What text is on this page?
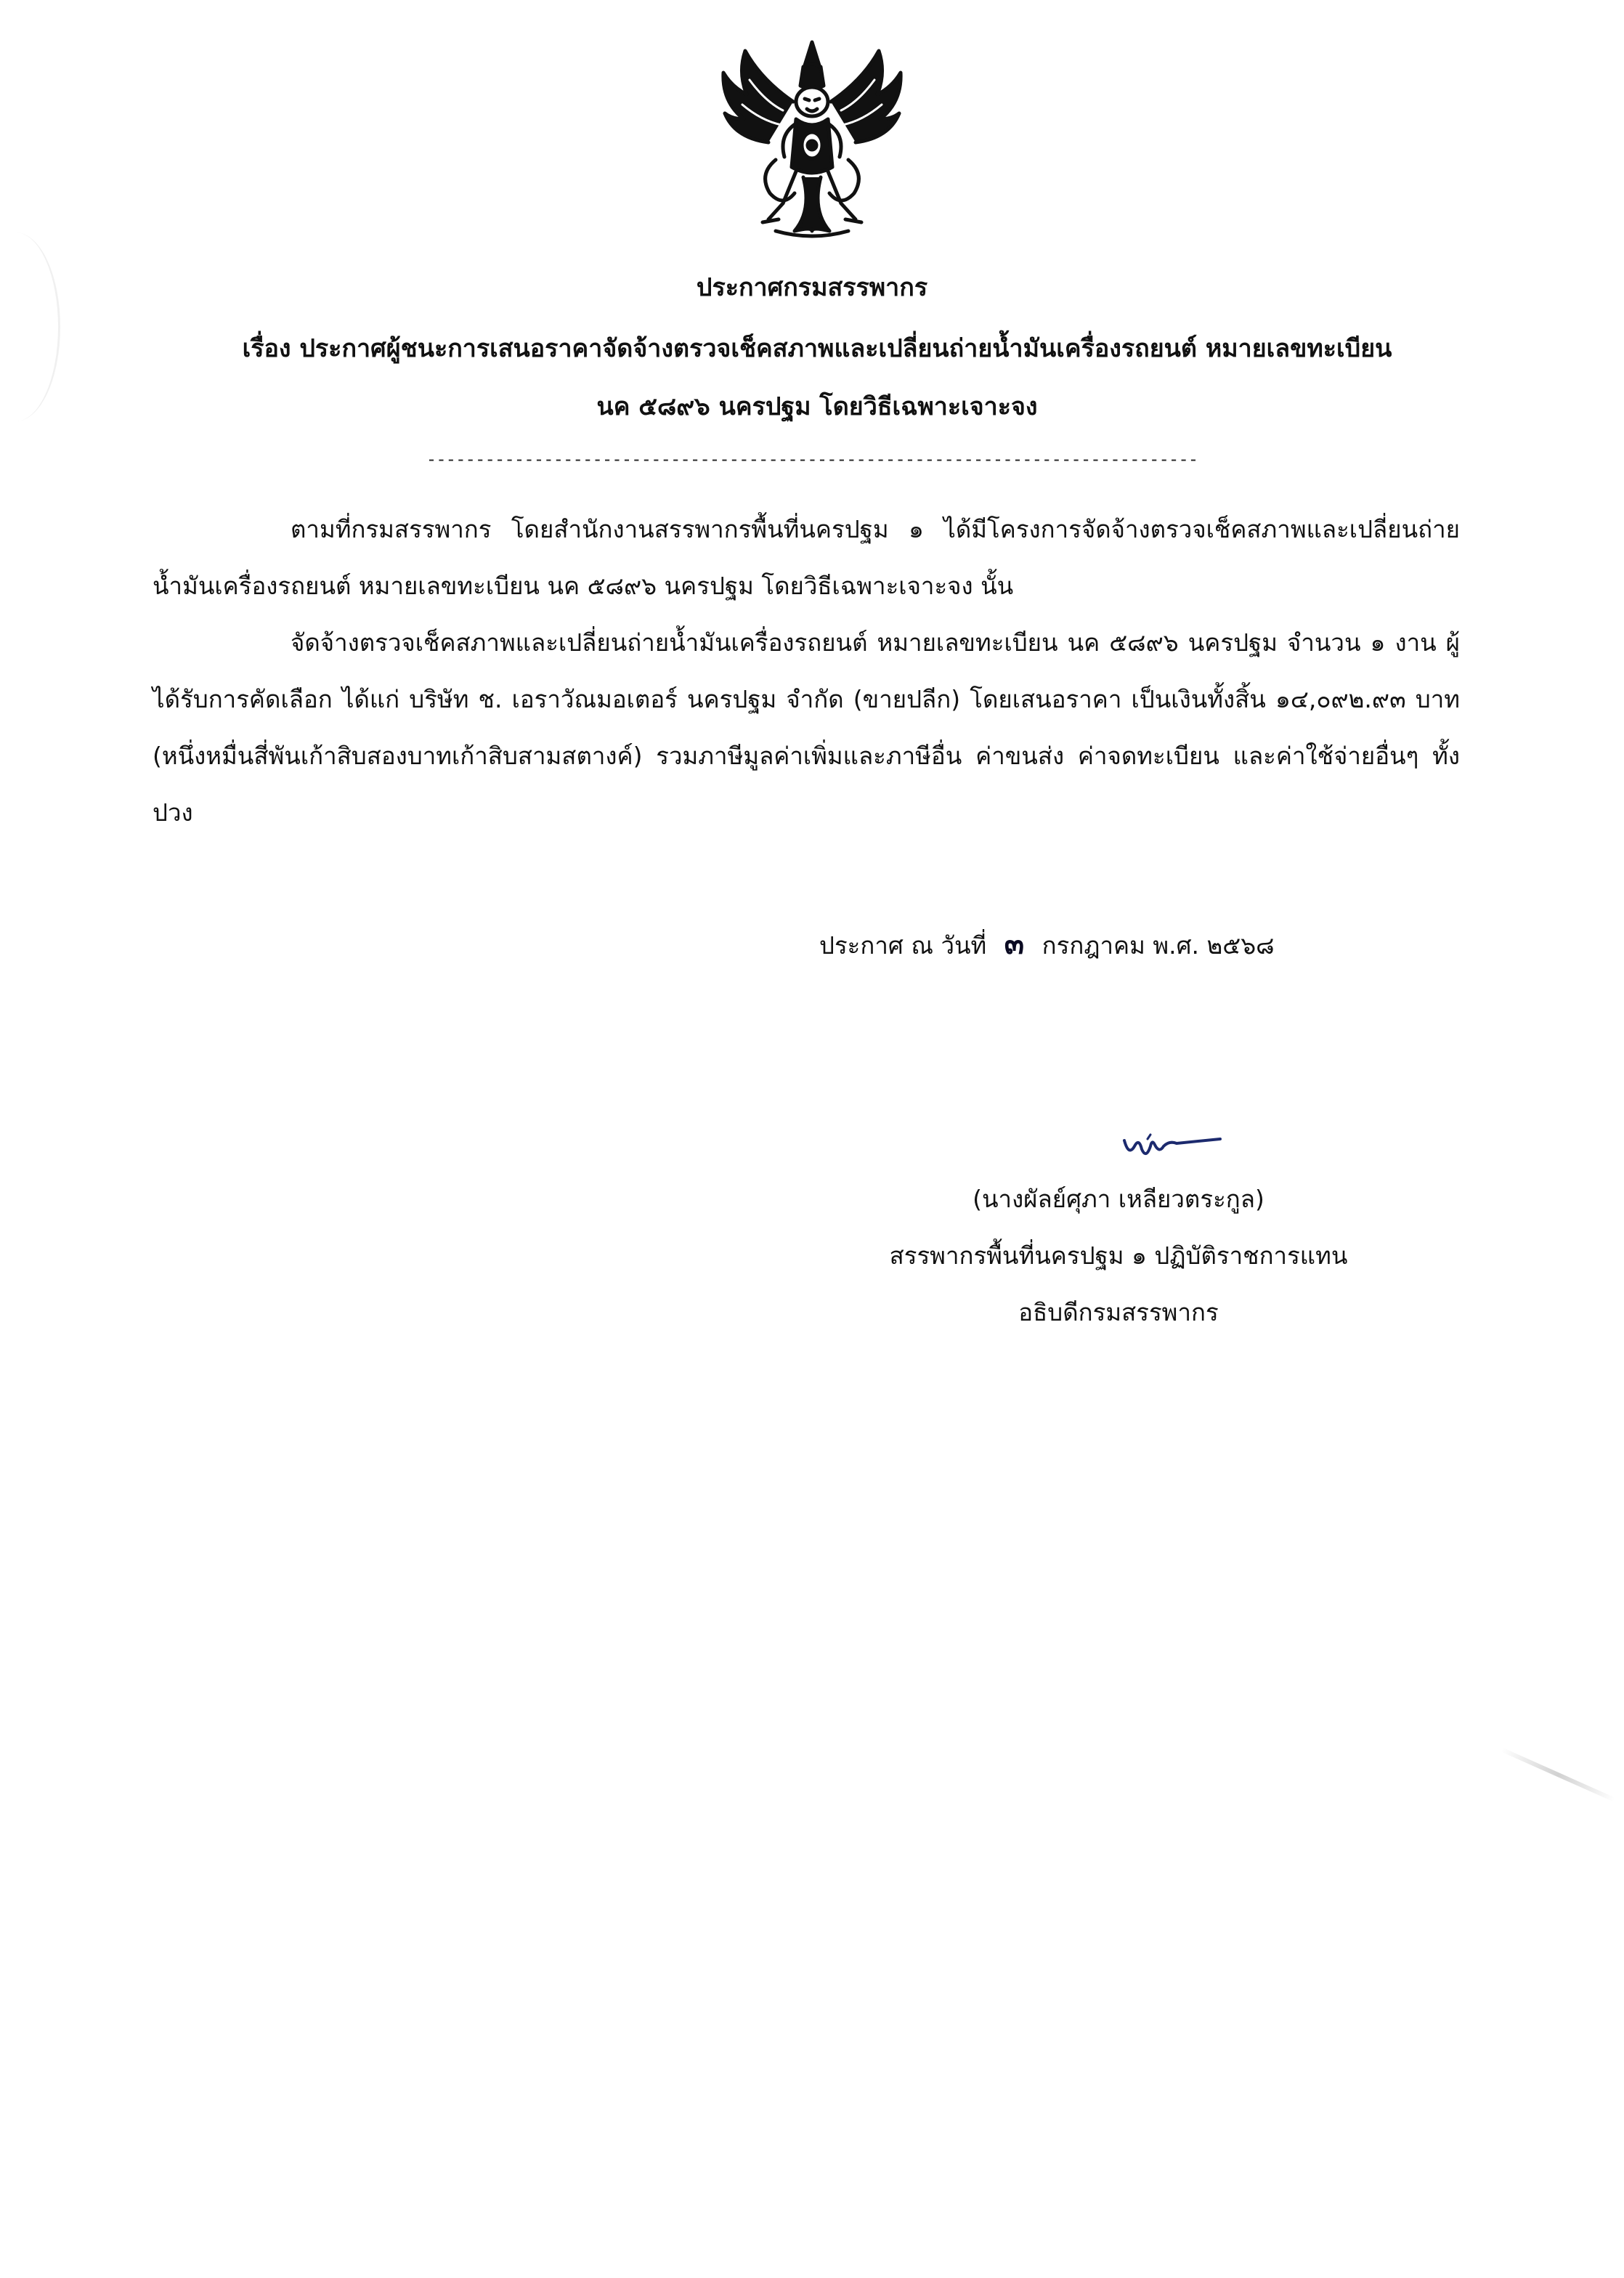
ประกาศกรมสรรพากร
เรื่อง ประกาศผู้ชนะการเสนอราคาจัดจ้างตรวจเช็คสภาพและเปลี่ยนถ่ายน้ำมันเครื่องรถยนต์ หมายเลขทะเบียน
นค ๕๘๙๖ นครปฐม โดยวิธีเฉพาะเจาะจง
-------------------------------------------------------------------------------

ตามที่กรมสรรพากร โดยสำนักงานสรรพากรพื้นที่นครปฐม ๑ ได้มีโครงการจัดจ้างตรวจเช็คสภาพและเปลี่ยนถ่ายน้ำมันเครื่องรถยนต์ หมายเลขทะเบียน นค ๕๘๙๖ นครปฐม โดยวิธีเฉพาะเจาะจง นั้น

จัดจ้างตรวจเช็คสภาพและเปลี่ยนถ่ายน้ำมันเครื่องรถยนต์ หมายเลขทะเบียน นค ๕๘๙๖ นครปฐม จำนวน ๑ งาน ผู้ได้รับการคัดเลือก ได้แก่ บริษัท ช. เอราวัณมอเตอร์ นครปฐม จำกัด (ขายปลีก) โดยเสนอราคา เป็นเงินทั้งสิ้น ๑๔,๐๙๒.๙๓ บาท (หนึ่งหมื่นสี่พันเก้าสิบสองบาทเก้าสิบสามสตางค์) รวมภาษีมูลค่าเพิ่มและภาษีอื่น ค่าขนส่ง ค่าจดทะเบียน และค่าใช้จ่ายอื่นๆ ทั้งปวง

ประกาศ ณ วันที่ ๓ กรกฎาคม พ.ศ. ๒๕๖๘
(นางผัลย์ศุภา เหลียวตระกูล)
สรรพากรพื้นที่นครปฐม ๑ ปฏิบัติราชการแทน
อธิบดีกรมสรรพากร
